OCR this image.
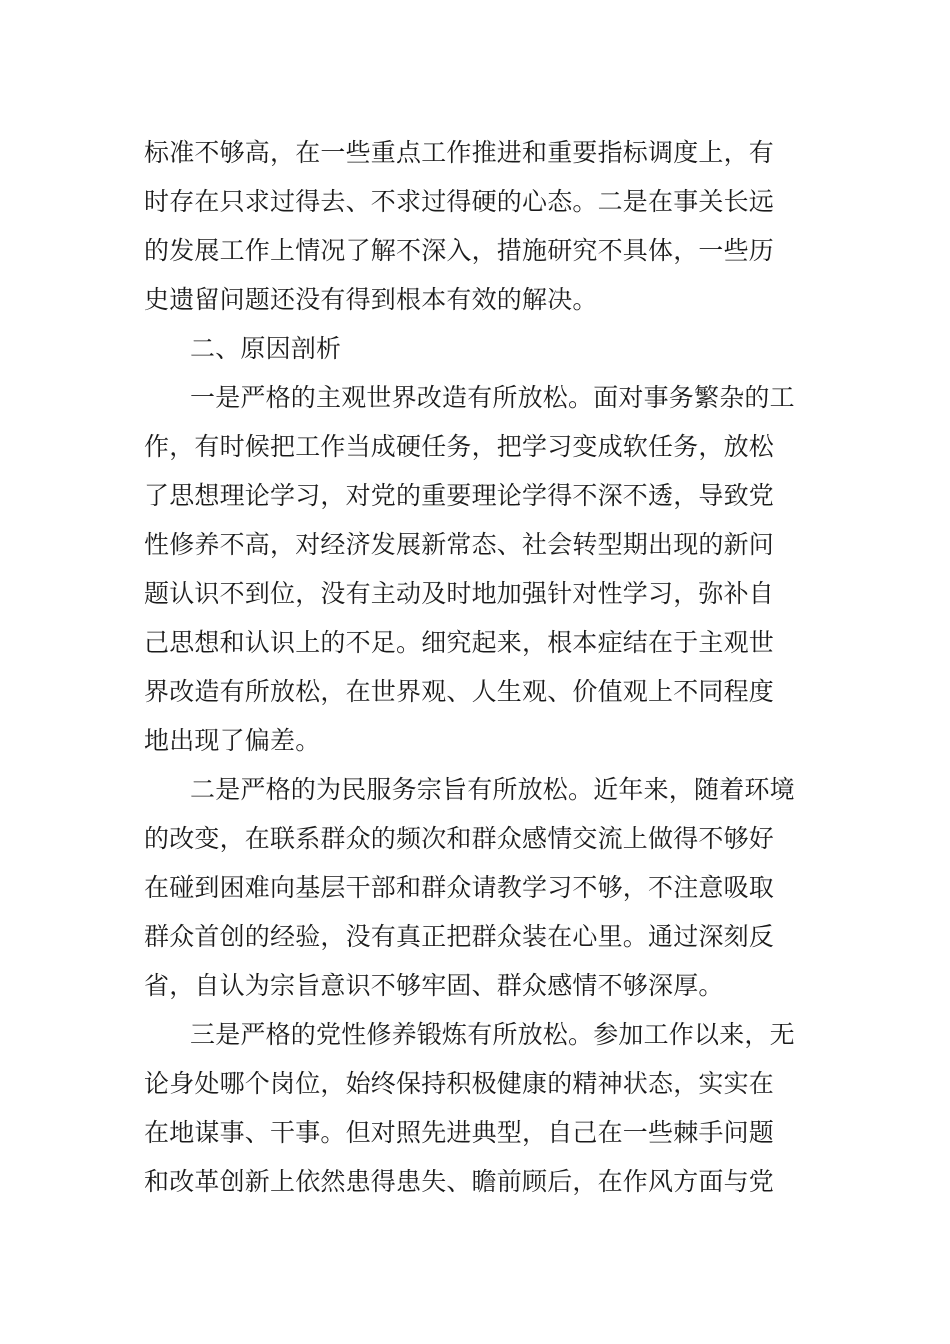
标准不够高，在一些重点工作推进和重要指标调度上，有
时存在只求过得去、不求过得硬的心态。二是在事关长远
的发展工作上情况了解不深入，措施研究不具体，一些历
史遗留问题还没有得到根本有效的解决。
二、原因剖析
一是严格的主观世界改造有所放松。面对事务繁杂的工
作，有时候把工作当成硬任务，把学习变成软任务，放松
了思想理论学习，对党的重要理论学得不深不透，导致党
性修养不高，对经济发展新常态、社会转型期出现的新问
题认识不到位，没有主动及时地加强针对性学习，弥补自
己思想和认识上的不足。细究起来，根本症结在于主观世
界改造有所放松，在世界观、人生观、价值观上不同程度
地出现了偏差。
二是严格的为民服务宗旨有所放松。近年来，随着环境
的改变，在联系群众的频次和群众感情交流上做得不够好
在碰到困难向基层干部和群众请教学习不够，不注意吸取
群众首创的经验，没有真正把群众装在心里。通过深刻反
省，自认为宗旨意识不够牢固、群众感情不够深厚。
三是严格的党性修养锻炼有所放松。参加工作以来，无
论身处哪个岗位，始终保持积极健康的精神状态，实实在
在地谋事、干事。但对照先进典型，自己在一些棘手问题
和改革创新上依然患得患失、瞻前顾后，在作风方面与党
